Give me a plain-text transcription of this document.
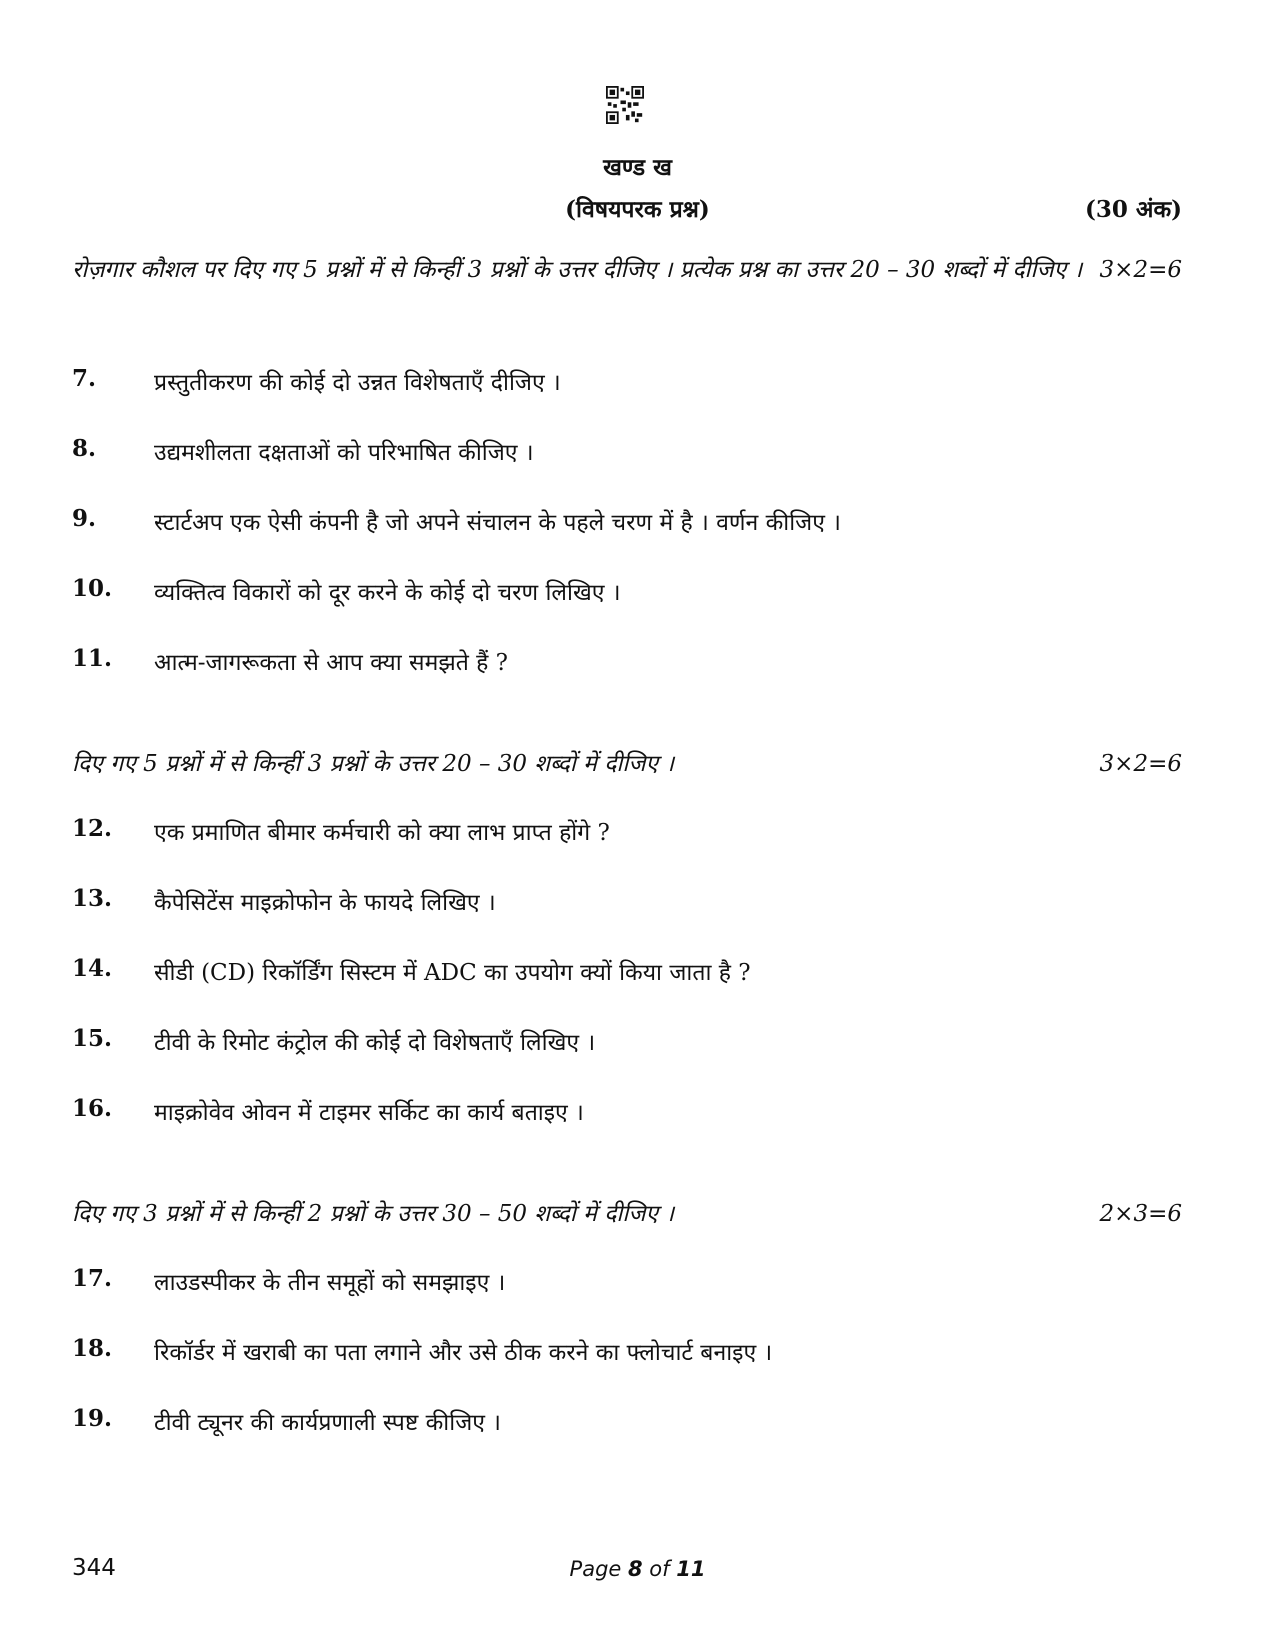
खण्ड ख
(विषयपरक प्रश्न)	(30 अंक)
रोज़गार कौशल पर दिए गए 5 प्रश्नों में से किन्हीं 3 प्रश्नों के उत्तर दीजिए । प्रत्येक प्रश्न का उत्तर 20 – 30 शब्दों में दीजिए । 3×2=6
7.	प्रस्तुतीकरण की कोई दो उन्नत विशेषताएँ दीजिए ।
8.	उद्यमशीलता दक्षताओं को परिभाषित कीजिए ।
9.	स्टार्टअप एक ऐसी कंपनी है जो अपने संचालन के पहले चरण में है । वर्णन कीजिए ।
10. व्यक्तित्व विकारों को दूर करने के कोई दो चरण लिखिए ।
11. आत्म-जागरूकता से आप क्या समझते हैं ?
दिए गए 5 प्रश्नों में से किन्हीं 3 प्रश्नों के उत्तर 20 – 30 शब्दों में दीजिए ।	3×2=6
12. एक प्रमाणित बीमार कर्मचारी को क्या लाभ प्राप्त होंगे ?
13. कैपेसिटेंस माइक्रोफोन के फायदे लिखिए ।
14. सीडी (CD) रिकॉर्डिंग सिस्टम में ADC का उपयोग क्यों किया जाता है ?
15. टीवी के रिमोट कंट्रोल की कोई दो विशेषताएँ लिखिए ।
16. माइक्रोवेव ओवन में टाइमर सर्किट का कार्य बताइए ।
दिए गए 3 प्रश्नों में से किन्हीं 2 प्रश्नों के उत्तर 30 – 50 शब्दों में दीजिए ।	2×3=6
17. लाउडस्पीकर के तीन समूहों को समझाइए ।
18. रिकॉर्डर में खराबी का पता लगाने और उसे ठीक करने का फ्लोचार्ट बनाइए ।
19. टीवी ट्यूनर की कार्यप्रणाली स्पष्ट कीजिए ।
344	Page 8 of 11
